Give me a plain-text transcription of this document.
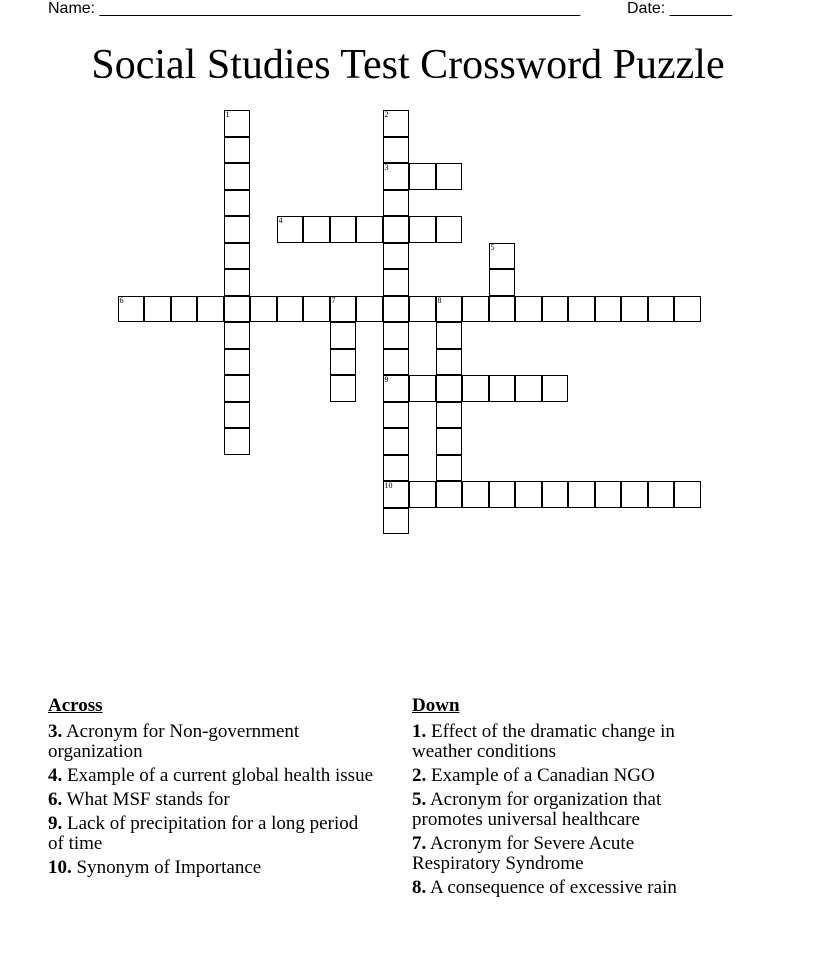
Name: ______________________________________________________	Date: _______
Social Studies Test Crossword Puzzle
1	2
3
9
10
4
5
6	7	8
Across
3. Acronym for Non-government organization
4. Example of a current global health issue
6. What MSF stands for
9. Lack of precipitation for a long period of time
10. Synonym of Importance
Down
1. Effect of the dramatic change in weather conditions
2. Example of a Canadian NGO
5. Acronym for organization that promotes universal healthcare
7. Acronym for Severe Acute Respiratory Syndrome
8. A consequence of excessive rain
